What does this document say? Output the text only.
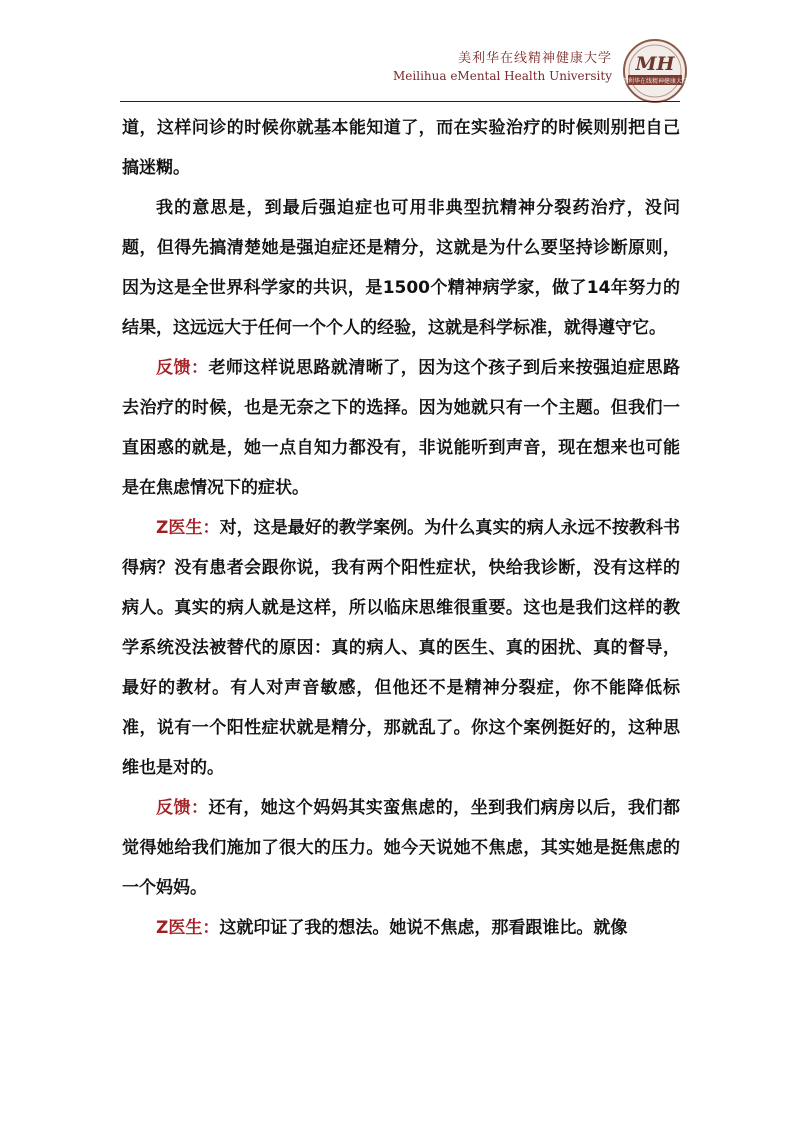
美利华在线精神健康大学
Meilihua eMental Health University
MH
美利华在线精神健康大学

道，这样问诊的时候你就基本能知道了，而在实验治疗的时候则别把自己搞迷糊。

我的意思是，到最后强迫症也可用非典型抗精神分裂药治疗，没问题，但得先搞清楚她是强迫症还是精分，这就是为什么要坚持诊断原则，因为这是全世界科学家的共识，是1500个精神病学家，做了14年努力的结果，这远远大于任何一个个人的经验，这就是科学标准，就得遵守它。

反馈：老师这样说思路就清晰了，因为这个孩子到后来按强迫症思路去治疗的时候，也是无奈之下的选择。因为她就只有一个主题。但我们一直困惑的就是，她一点自知力都没有，非说能听到声音，现在想来也可能是在焦虑情况下的症状。

Z医生：对，这是最好的教学案例。为什么真实的病人永远不按教科书得病？没有患者会跟你说，我有两个阳性症状，快给我诊断，没有这样的病人。真实的病人就是这样，所以临床思维很重要。这也是我们这样的教学系统没法被替代的原因：真的病人、真的医生、真的困扰、真的督导，最好的教材。有人对声音敏感，但他还不是精神分裂症，你不能降低标准，说有一个阳性症状就是精分，那就乱了。你这个案例挺好的，这种思维也是对的。

反馈：还有，她这个妈妈其实蛮焦虑的，坐到我们病房以后，我们都觉得她给我们施加了很大的压力。她今天说她不焦虑，其实她是挺焦虑的一个妈妈。

Z医生：这就印证了我的想法。她说不焦虑，那看跟谁比。就像
